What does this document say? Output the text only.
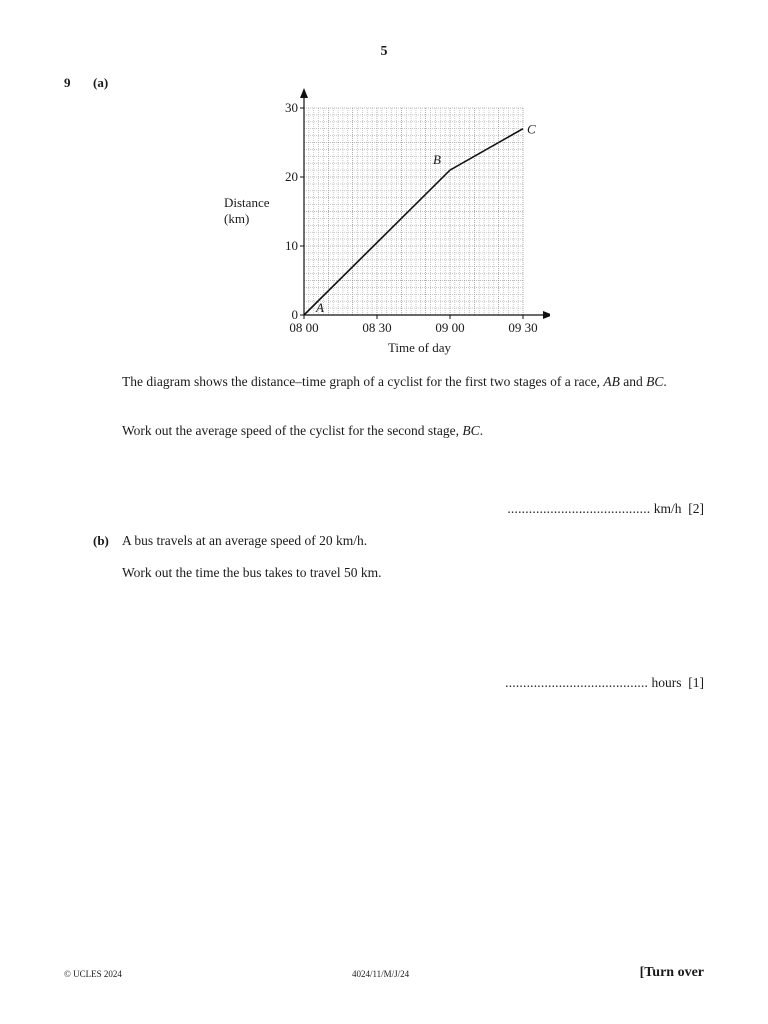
5
9 (a)
0
10
20
30
08 00	08 30	09 00	09 30
Distance
(km)
Time of day
A
B
C
The diagram shows the distance–time graph of a cyclist for the first two stages of a race, AB and BC.
Work out the average speed of the cyclist for the second stage, BC.
........................................ km/h [2]
(b) A bus travels at an average speed of 20 km/h.
Work out the time the bus takes to travel 50 km.
........................................ hours [1]
© UCLES 2024	4024/11/M/J/24	[Turn over
